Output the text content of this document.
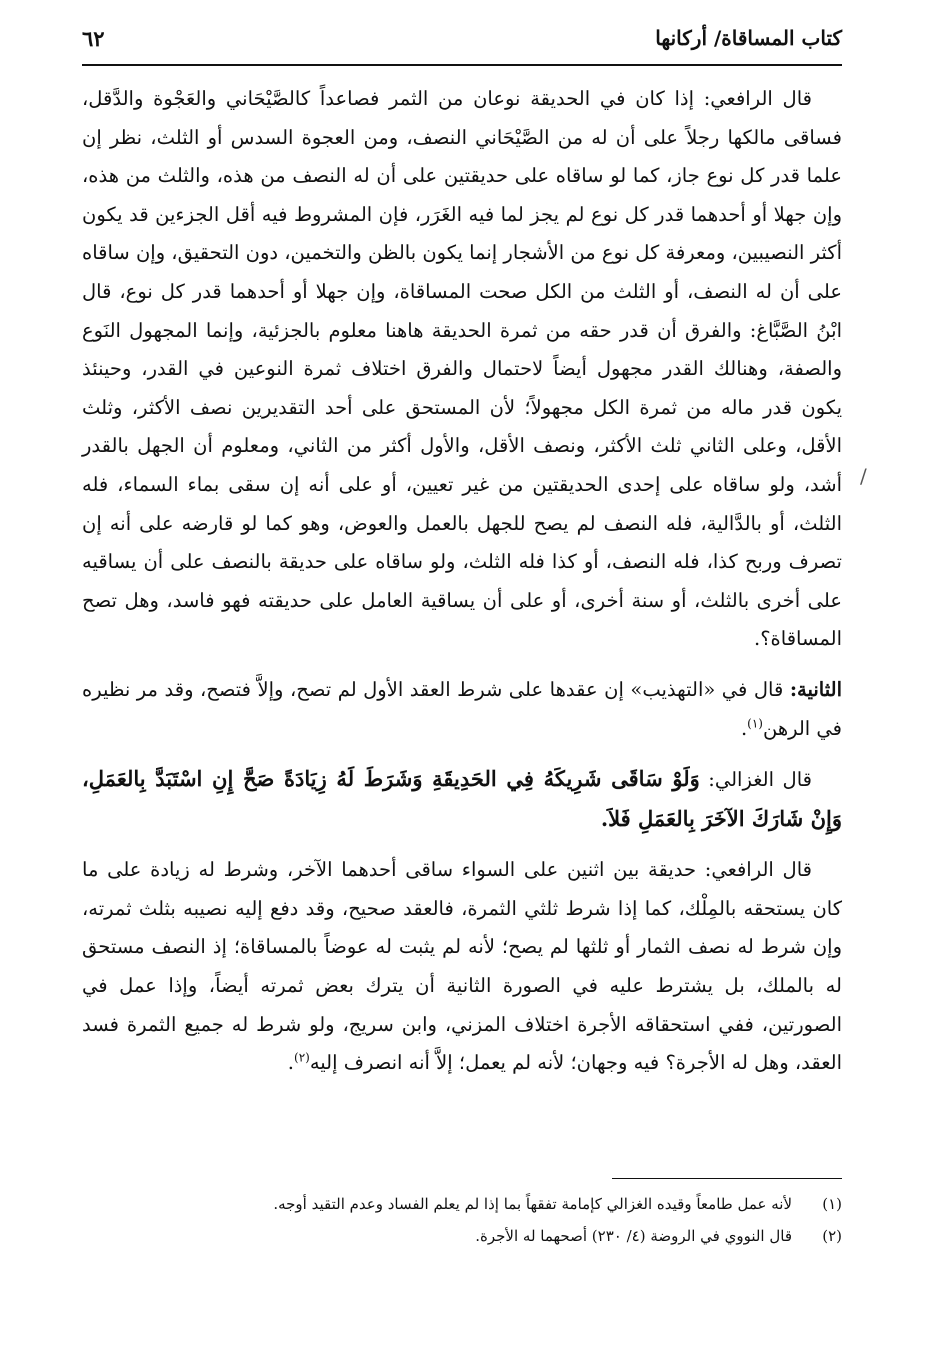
كتاب المساقاة/ أركانها
٦٢

قال الرافعي: إذا كان في الحديقة نوعان من الثمر فصاعداً كالصَّيْحَاني والعَجْوة والدَّقل، فساقى مالكها رجلاً على أن له من الصَّيْحَاني النصف، ومن العجوة السدس أو الثلث، نظر إن علما قدر كل نوع جاز، كما لو ساقاه على حديقتين على أن له النصف من هذه، والثلث من هذه، وإن جهلا أو أحدهما قدر كل نوع لم يجز لما فيه الغَرَر، فإن المشروط فيه أقل الجزءين قد يكون أكثر النصيبين، ومعرفة كل نوع من الأشجار إنما يكون بالظن والتخمين، دون التحقيق، وإن ساقاه على أن له النصف، أو الثلث من الكل صحت المساقاة، وإن جهلا أو أحدهما قدر كل نوع، قال ابْنُ الصَّبَّاغ: والفرق أن قدر حقه من ثمرة الحديقة هاهنا معلوم بالجزئية، وإنما المجهول النَوع والصفة، وهنالك القدر مجهول أيضاً لاحتمال والفرق اختلاف ثمرة النوعين في القدر، وحينئذ يكون قدر ماله من ثمرة الكل مجهولاً؛ لأن المستحق على أحد التقديرين نصف الأكثر، وثلث الأقل، وعلى الثاني ثلث الأكثر، ونصف الأقل، والأول أكثر من الثاني، ومعلوم أن الجهل بالقدر أشد، ولو ساقاه على إحدى الحديقتين من غير تعيين، أو على أنه إن سقى بماء السماء، فله الثلث، أو بالدَّالية، فله النصف لم يصح للجهل بالعمل والعوض، وهو كما لو قارضه على أنه إن تصرف وربح كذا، فله النصف، أو كذا فله الثلث، ولو ساقاه على حديقة بالنصف على أن يساقيه على أخرى بالثلث، أو سنة أخرى، أو على أن يساقية العامل على حديقته فهو فاسد، وهل تصح المساقاة؟.

الثانية: قال في «التهذيب» إن عقدها على شرط العقد الأول لم تصح، وإلاَّ فتصح، وقد مر نظيره في الرهن$^{(١)}$.

قال الغزالي: وَلَوْ سَاقَى شَرِيكَهُ فِي الحَدِيقَةِ وَشَرَطَ لَهُ زِيَادَةً صَحَّ إِنِ اسْتَبَدَّ بِالعَمَلِ، وَإِنْ شَارَكَ الآخَرَ بِالعَمَلِ فَلاَ.

قال الرافعي: حديقة بين اثنين على السواء ساقى أحدهما الآخر، وشرط له زيادة على ما كان يستحقه بالمِلْك، كما إذا شرط ثلثي الثمرة، فالعقد صحيح، وقد دفع إليه نصيبه بثلث ثمرته، وإن شرط له نصف الثمار أو ثلثها لم يصح؛ لأنه لم يثبت له عوضاً بالمساقاة؛ إذ النصف مستحق له بالملك، بل يشترط عليه في الصورة الثانية أن يترك بعض ثمرته أيضاً، وإذا عمل في الصورتين، ففي استحقاقه الأجرة اختلاف المزني، وابن سريج، ولو شرط له جميع الثمرة فسد العقد، وهل له الأجرة؟ فيه وجهان؛ لأنه لم يعمل؛ إلاَّ أنه انصرف إليه$^{(٢)}$.

/
(١)
لأنه عمل طامعاً وقيده الغزالي كإمامة تفقهاً بما إذا لم يعلم الفساد وعدم التقيد أوجه.
(٢)
قال النووي في الروضة (٤/ ٢٣٠) أصحهما له الأجرة.
